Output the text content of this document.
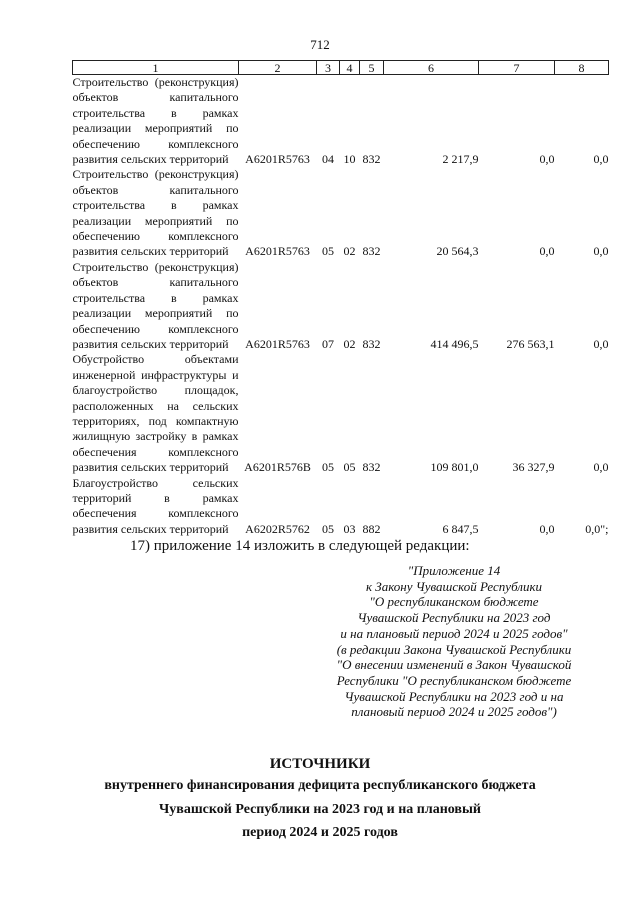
712
1	2	3	4	5	6	7	8
Строительство (реконструкция) объектов капитального строительства в рамках реализации мероприятий по обеспечению комплексного развития сельских территорий	А6201R5763	04	10	832	2 217,9	0,0	0,0
Строительство (реконструкция) объектов капитального строительства в рамках реализации мероприятий по обеспечению комплексного развития сельских территорий	А6201R5763	05	02	832	20 564,3	0,0	0,0
Строительство (реконструкция) объектов капитального строительства в рамках реализации мероприятий по обеспечению комплексного развития сельских территорий	А6201R5763	07	02	832	414 496,5	276 563,1	0,0
Обустройство объектами инженерной инфраструктуры и благоустройство площадок, расположенных на сельских территориях, под компактную жилищную застройку в рамках обеспечения комплексного развития сельских территорий	А6201R576В	05	05	832	109 801,0	36 327,9	0,0
Благоустройство сельских территорий в рамках обеспечения комплексного развития сельских территорий	А6202R5762	05	03	882	6 847,5	0,0	0,0";
17) приложение 14 изложить в следующей редакции:
"Приложение 14
к Закону Чувашской Республики
"О республиканском бюджете
Чувашской Республики на 2023 год
и на плановый период 2024 и 2025 годов"
(в редакции Закона Чувашской Республики
"О внесении изменений в Закон Чувашской
Республики "О республиканском бюджете
Чувашской Республики на 2023 год и на
плановый период 2024 и 2025 годов")
ИСТОЧНИКИ
внутреннего финансирования дефицита республиканского бюджета
Чувашской Республики на 2023 год и на плановый
период 2024 и 2025 годов
